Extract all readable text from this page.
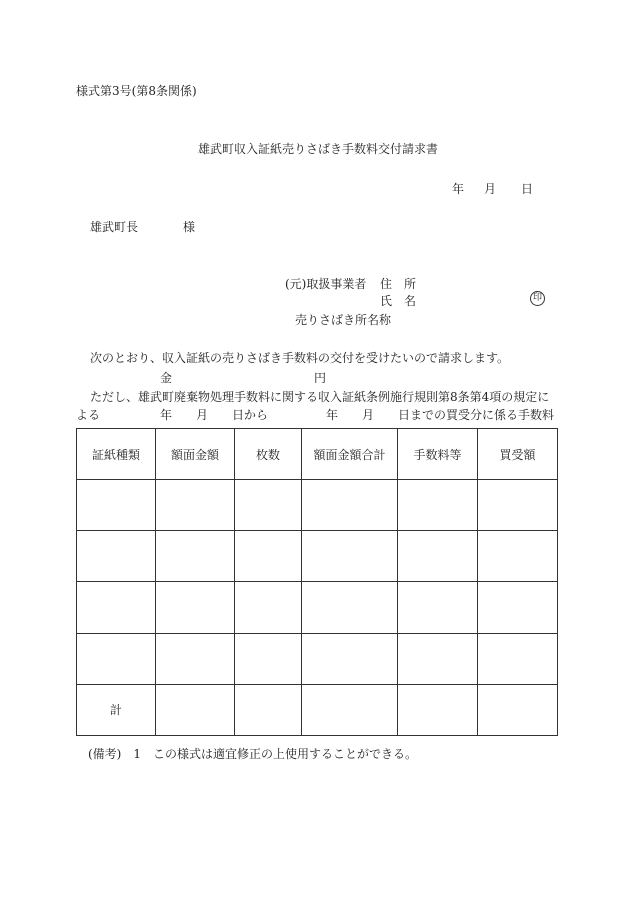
様式第3号(第8条関係)
雄武町収入証紙売りさばき手数料交付請求書
年 月 日
雄武町長	様
(元)取扱事業者 住　所
氏　名	印
売りさばき所名称
次のとおり、収入証紙の売りさばき手数料の交付を受けたいので請求します。
金	円
ただし、雄武町廃棄物処理手数料に関する収入証紙条例施行規則第8条第4項の規定に
よる	年 月 日から	年 月 日までの買受分に係る手数料
証紙種類	額面金額	枚数	額面金額合計	手数料等	買受額

計					
(備考)　1　この様式は適宜修正の上使用することができる。
